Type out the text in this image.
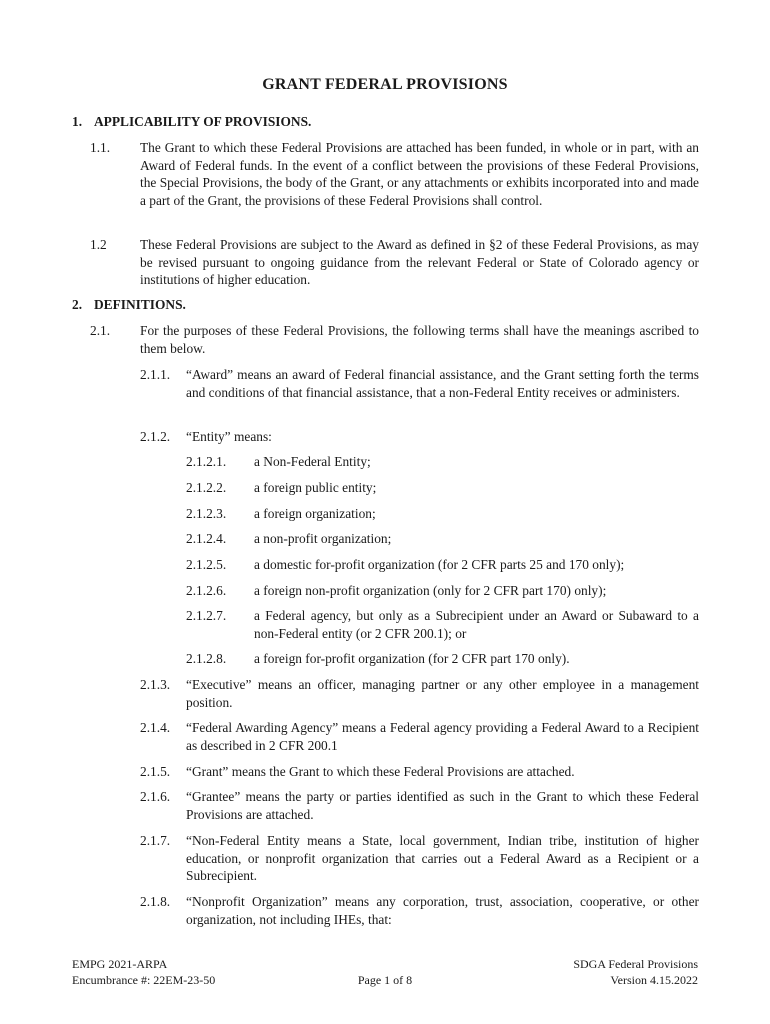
GRANT FEDERAL PROVISIONS
1. APPLICABILITY OF PROVISIONS.
1.1. The Grant to which these Federal Provisions are attached has been funded, in whole or in part, with an Award of Federal funds. In the event of a conflict between the provisions of these Federal Provisions, the Special Provisions, the body of the Grant, or any attachments or exhibits incorporated into and made a part of the Grant, the provisions of these Federal Provisions shall control.
1.2 These Federal Provisions are subject to the Award as defined in §2 of these Federal Provisions, as may be revised pursuant to ongoing guidance from the relevant Federal or State of Colorado agency or institutions of higher education.
2. DEFINITIONS.
2.1. For the purposes of these Federal Provisions, the following terms shall have the meanings ascribed to them below.
2.1.1. “Award” means an award of Federal financial assistance, and the Grant setting forth the terms and conditions of that financial assistance, that a non-Federal Entity receives or administers.
2.1.2. “Entity” means:
2.1.2.1. a Non-Federal Entity;
2.1.2.2. a foreign public entity;
2.1.2.3. a foreign organization;
2.1.2.4. a non-profit organization;
2.1.2.5. a domestic for-profit organization (for 2 CFR parts 25 and 170 only);
2.1.2.6. a foreign non-profit organization (only for 2 CFR part 170) only);
2.1.2.7. a Federal agency, but only as a Subrecipient under an Award or Subaward to a non-Federal entity (or 2 CFR 200.1); or
2.1.2.8. a foreign for-profit organization (for 2 CFR part 170 only).
2.1.3. “Executive” means an officer, managing partner or any other employee in a management position.
2.1.4. “Federal Awarding Agency” means a Federal agency providing a Federal Award to a Recipient as described in 2 CFR 200.1
2.1.5. “Grant” means the Grant to which these Federal Provisions are attached.
2.1.6. “Grantee” means the party or parties identified as such in the Grant to which these Federal Provisions are attached.
2.1.7. “Non-Federal Entity means a State, local government, Indian tribe, institution of higher education, or nonprofit organization that carries out a Federal Award as a Recipient or a Subrecipient.
2.1.8. “Nonprofit Organization” means any corporation, trust, association, cooperative, or other organization, not including IHEs, that:
EMPG 2021-ARPA
Encumbrance #: 22EM-23-50	Page 1 of 8
SDGA Federal Provisions
Version 4.15.2022
